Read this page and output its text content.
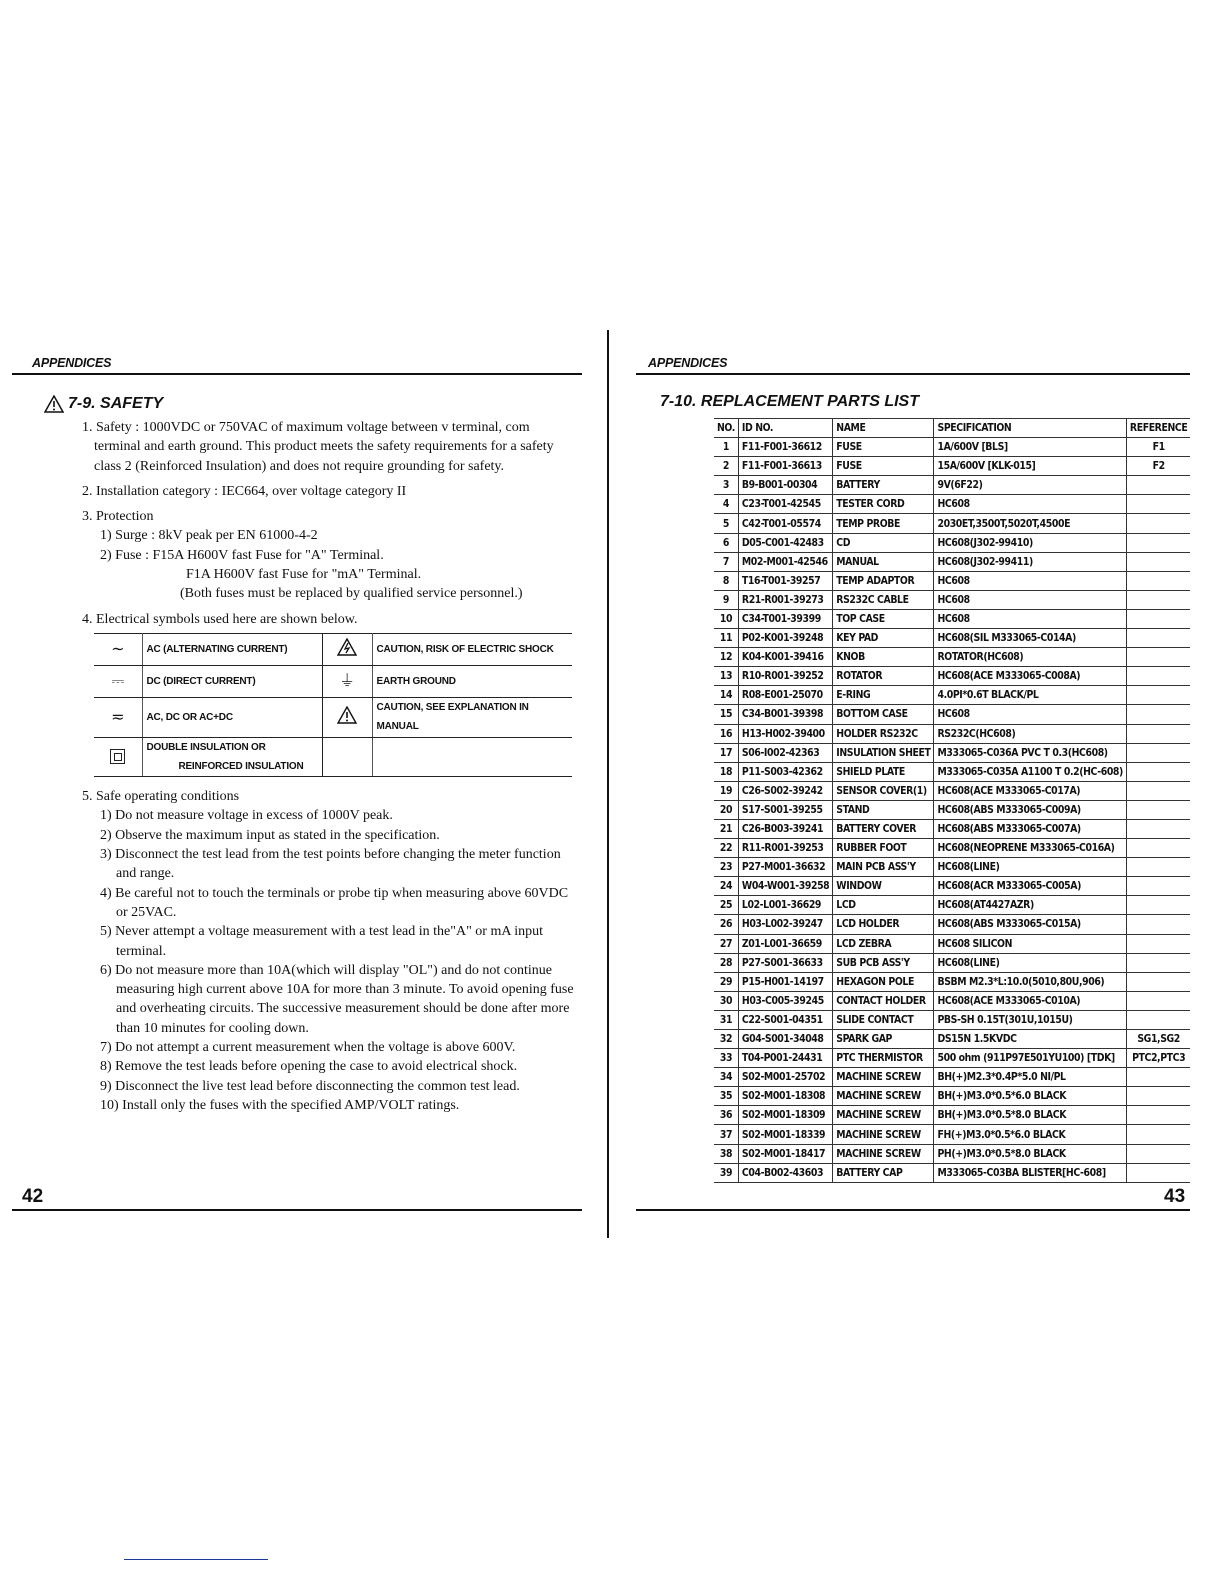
APPENDICES
7-9. SAFETY
1. Safety : 1000VDC or 750VAC of maximum voltage between v terminal, com terminal and earth ground. This product meets the safety requirements for a safety class 2 (Reinforced Insulation) and does not require grounding for safety.
2. Installation category : IEC664, over voltage category II
3. Protection
1) Surge : 8kV peak per EN 61000-4-2
2) Fuse : F15A H600V fast Fuse for "A" Terminal.
F1A H600V fast Fuse for "mA" Terminal.
(Both fuses must be replaced by qualified service personnel.)
4. Electrical symbols used here are shown below.
∼	AC (ALTERNATING CURRENT)		CAUTION, RISK OF ELECTRIC SHOCK
⎓	DC (DIRECT CURRENT)	⏚	EARTH GROUND
≂	AC, DC OR AC+DC		CAUTION, SEE EXPLANATION IN MANUAL
	DOUBLE INSULATION OR
REINFORCED INSULATION		

5. Safe operating conditions
1) Do not measure voltage in excess of 1000V peak.
2) Observe the maximum input as stated in the specification.
3) Disconnect the test lead from the test points before changing the meter function and range.
4) Be careful not to touch the terminals or probe tip when measuring above 60VDC or 25VAC.
5) Never attempt a voltage measurement with a test lead in the"A" or mA input terminal.
6) Do not measure more than 10A(which will display "OL") and do not continue measuring high current above 10A for more than 3 minute. To avoid opening fuse and overheating circuits. The successive measurement should be done after more than 10 minutes for cooling down.
7) Do not attempt a current measurement when the voltage is above 600V.
8) Remove the test leads before opening the case to avoid electrical shock.
9) Disconnect the live test lead before disconnecting the common test lead.
10) Install only the fuses with the specified AMP/VOLT ratings.
APPENDICES
7-10. REPLACEMENT PARTS LIST
NO.	ID NO.	NAME	SPECIFICATION	REFERENCE
1	F11-F001-36612	FUSE	1A/600V [BLS]	F1
2	F11-F001-36613	FUSE	15A/600V [KLK-015]	F2
3	B9-B001-00304	BATTERY	9V(6F22)	
4	C23-T001-42545	TESTER CORD	HC608	
5	C42-T001-05574	TEMP PROBE	2030ET,3500T,5020T,4500E	
6	D05-C001-42483	CD	HC608(J302-99410)	
7	M02-M001-42546	MANUAL	HC608(J302-99411)	
8	T16-T001-39257	TEMP ADAPTOR	HC608	
9	R21-R001-39273	RS232C CABLE	HC608	
10	C34-T001-39399	TOP CASE	HC608	
11	P02-K001-39248	KEY PAD	HC608(SIL M333065-C014A)	
12	K04-K001-39416	KNOB	ROTATOR(HC608)	
13	R10-R001-39252	ROTATOR	HC608(ACE M333065-C008A)	
14	R08-E001-25070	E-RING	4.0PI*0.6T BLACK/PL	
15	C34-B001-39398	BOTTOM CASE	HC608	
16	H13-H002-39400	HOLDER RS232C	RS232C(HC608)	
17	S06-I002-42363	INSULATION SHEET	M333065-C036A PVC T 0.3(HC608)	
18	P11-S003-42362	SHIELD PLATE	M333065-C035A A1100 T 0.2(HC-608)	
19	C26-S002-39242	SENSOR COVER(1)	HC608(ACE M333065-C017A)	
20	S17-S001-39255	STAND	HC608(ABS M333065-C009A)	
21	C26-B003-39241	BATTERY COVER	HC608(ABS M333065-C007A)	
22	R11-R001-39253	RUBBER FOOT	HC608(NEOPRENE M333065-C016A)	
23	P27-M001-36632	MAIN PCB ASS'Y	HC608(LINE)	
24	W04-W001-39258	WINDOW	HC608(ACR M333065-C005A)	
25	L02-L001-36629	LCD	HC608(AT4427AZR)	
26	H03-L002-39247	LCD HOLDER	HC608(ABS M333065-C015A)	
27	Z01-L001-36659	LCD ZEBRA	HC608 SILICON	
28	P27-S001-36633	SUB PCB ASS'Y	HC608(LINE)	
29	P15-H001-14197	HEXAGON POLE	BSBM M2.3*L:10.0(5010,80U,906)	
30	H03-C005-39245	CONTACT HOLDER	HC608(ACE M333065-C010A)	
31	C22-S001-04351	SLIDE CONTACT	PBS-SH 0.15T(301U,1015U)	
32	G04-S001-34048	SPARK GAP	DS15N 1.5KVDC	SG1,SG2
33	T04-P001-24431	PTC THERMISTOR	500 ohm (911P97E501YU100) [TDK]	PTC2,PTC3
34	S02-M001-25702	MACHINE SCREW	BH(+)M2.3*0.4P*5.0 NI/PL	
35	S02-M001-18308	MACHINE SCREW	BH(+)M3.0*0.5*6.0 BLACK	
36	S02-M001-18309	MACHINE SCREW	BH(+)M3.0*0.5*8.0 BLACK	
37	S02-M001-18339	MACHINE SCREW	FH(+)M3.0*0.5*6.0 BLACK	
38	S02-M001-18417	MACHINE SCREW	PH(+)M3.0*0.5*8.0 BLACK	
39	C04-B002-43603	BATTERY CAP	M333065-C03BA BLISTER[HC-608]	
42	43
